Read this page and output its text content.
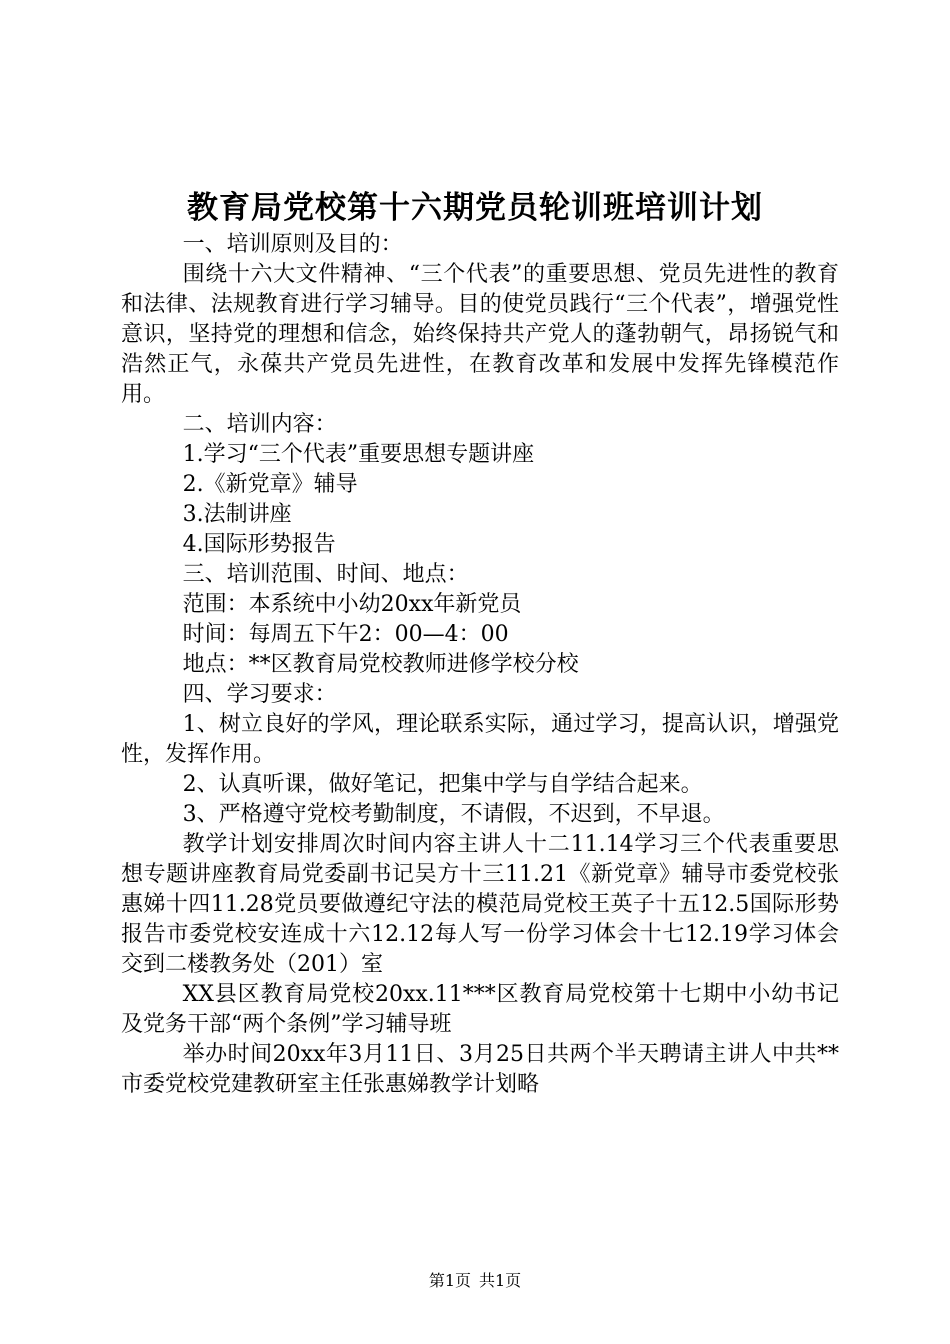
教育局党校第十六期党员轮训班培训计划

一、培训原则及目的：

围绕十六大文件精神、“三个代表”的重要思想、党员先进性的教育和法律、法规教育进行学习辅导。目的使党员践行“三个代表”，增强党性意识，坚持党的理想和信念，始终保持共产党人的蓬勃朝气，昂扬锐气和浩然正气，永葆共产党员先进性，在教育改革和发展中发挥先锋模范作用。

二、培训内容：

1.学习“三个代表”重要思想专题讲座

2.《新党章》辅导

3.法制讲座

4.国际形势报告

三、培训范围、时间、地点：

范围：本系统中小幼20xx年新党员

时间：每周五下午2：00—4：00

地点：**区教育局党校教师进修学校分校

四、学习要求：

1、树立良好的学风，理论联系实际，通过学习，提高认识，增强党性，发挥作用。

2、认真听课，做好笔记，把集中学与自学结合起来。

3、严格遵守党校考勤制度，不请假，不迟到，不早退。

教学计划安排周次时间内容主讲人十二11.14学习三个代表重要思想专题讲座教育局党委副书记吴方十三11.21《新党章》辅导市委党校张惠娣十四11.28党员要做遵纪守法的模范局党校王英子十五12.5国际形势报告市委党校安连成十六12.12每人写一份学习体会十七12.19学习体会交到二楼教务处（201）室

XX县区教育局党校20xx.11***区教育局党校第十七期中小幼书记及党务干部“两个条例”学习辅导班

举办时间20xx年3月11日、3月25日共两个半天聘请主讲人中共**市委党校党建教研室主任张惠娣教学计划略

第1页 共1页
